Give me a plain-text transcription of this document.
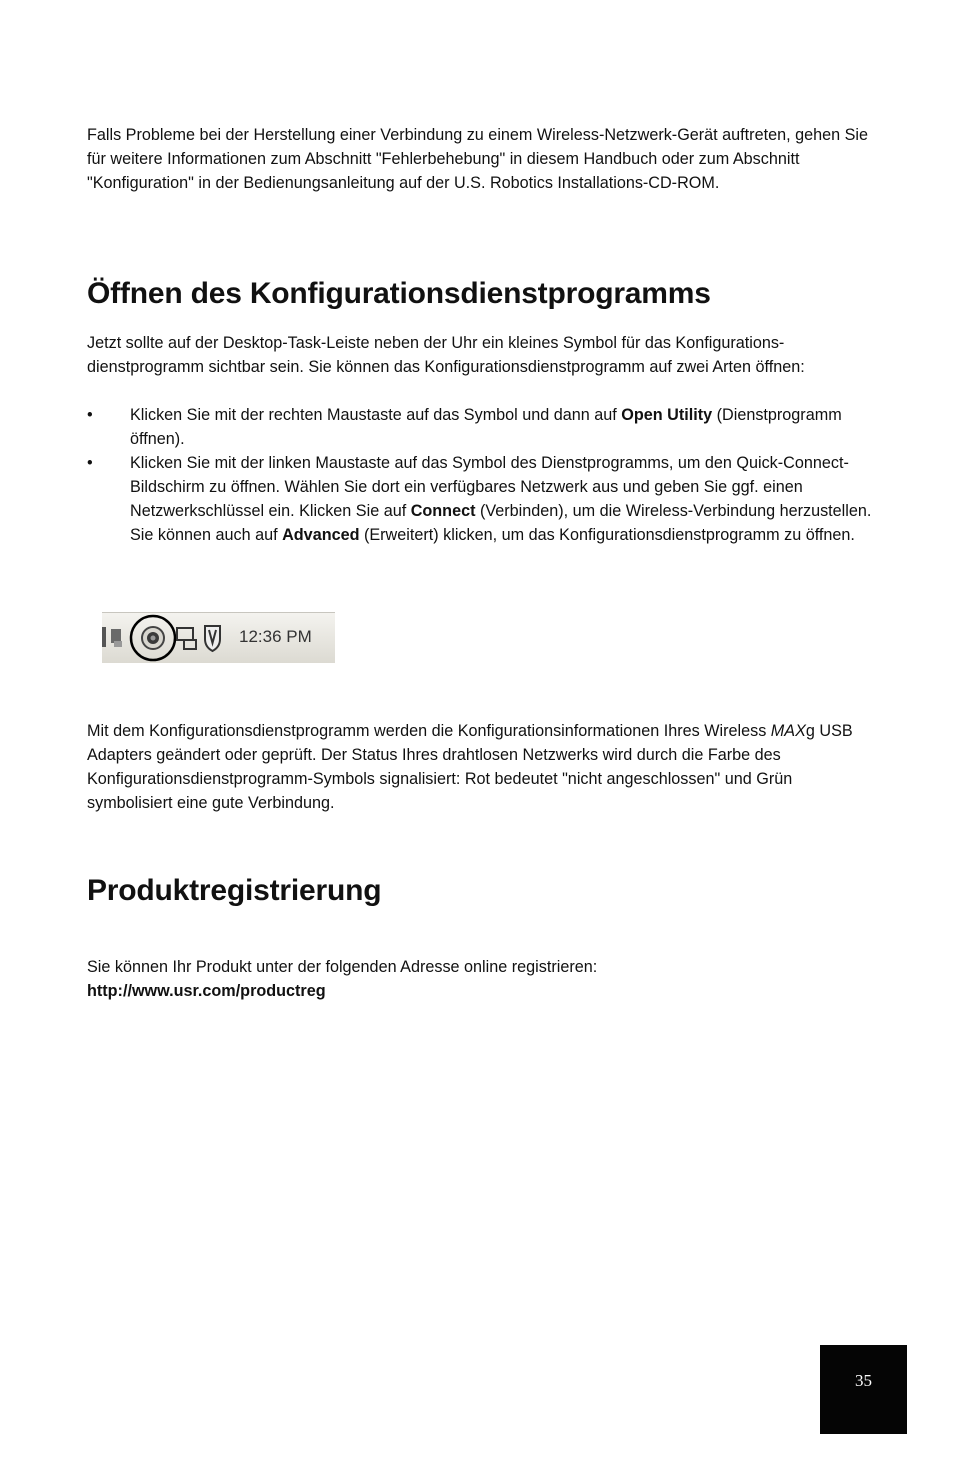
Falls Probleme bei der Herstellung einer Verbindung zu einem Wireless-Netzwerk-Gerät auftreten, gehen Sie für weitere Informationen zum Abschnitt "Fehlerbehebung" in diesem Handbuch oder zum Abschnitt "Konfiguration" in der Bedienungsanleitung auf der U.S. Robotics Installations-CD-ROM.

Öffnen des Konfigurationsdienstprogramms

Jetzt sollte auf der Desktop-Task-Leiste neben der Uhr ein kleines Symbol für das Konfigurations-dienstprogramm sichtbar sein. Sie können das Konfigurationsdienstprogramm auf zwei Arten öffnen:

• Klicken Sie mit der rechten Maustaste auf das Symbol und dann auf Open Utility (Dienstprogramm öffnen).
• Klicken Sie mit der linken Maustaste auf das Symbol des Dienstprogramms, um den Quick-Connect-Bildschirm zu öffnen. Wählen Sie dort ein verfügbares Netzwerk aus und geben Sie ggf. einen Netzwerkschlüssel ein. Klicken Sie auf Connect (Verbinden), um die Wireless-Verbindung herzustellen. Sie können auch auf Advanced (Erweitert) klicken, um das Konfigurationsdienstprogramm zu öffnen.
12:36 PM

Mit dem Konfigurationsdienstprogramm werden die Konfigurationsinformationen Ihres Wireless MAXg USB Adapters geändert oder geprüft. Der Status Ihres drahtlosen Netzwerks wird durch die Farbe des Konfigurationsdienstprogramm-Symbols signalisiert: Rot bedeutet "nicht angeschlossen" und Grün symbolisiert eine gute Verbindung.

Produktregistrierung

Sie können Ihr Produkt unter der folgenden Adresse online registrieren:
http://www.usr.com/productreg

35
